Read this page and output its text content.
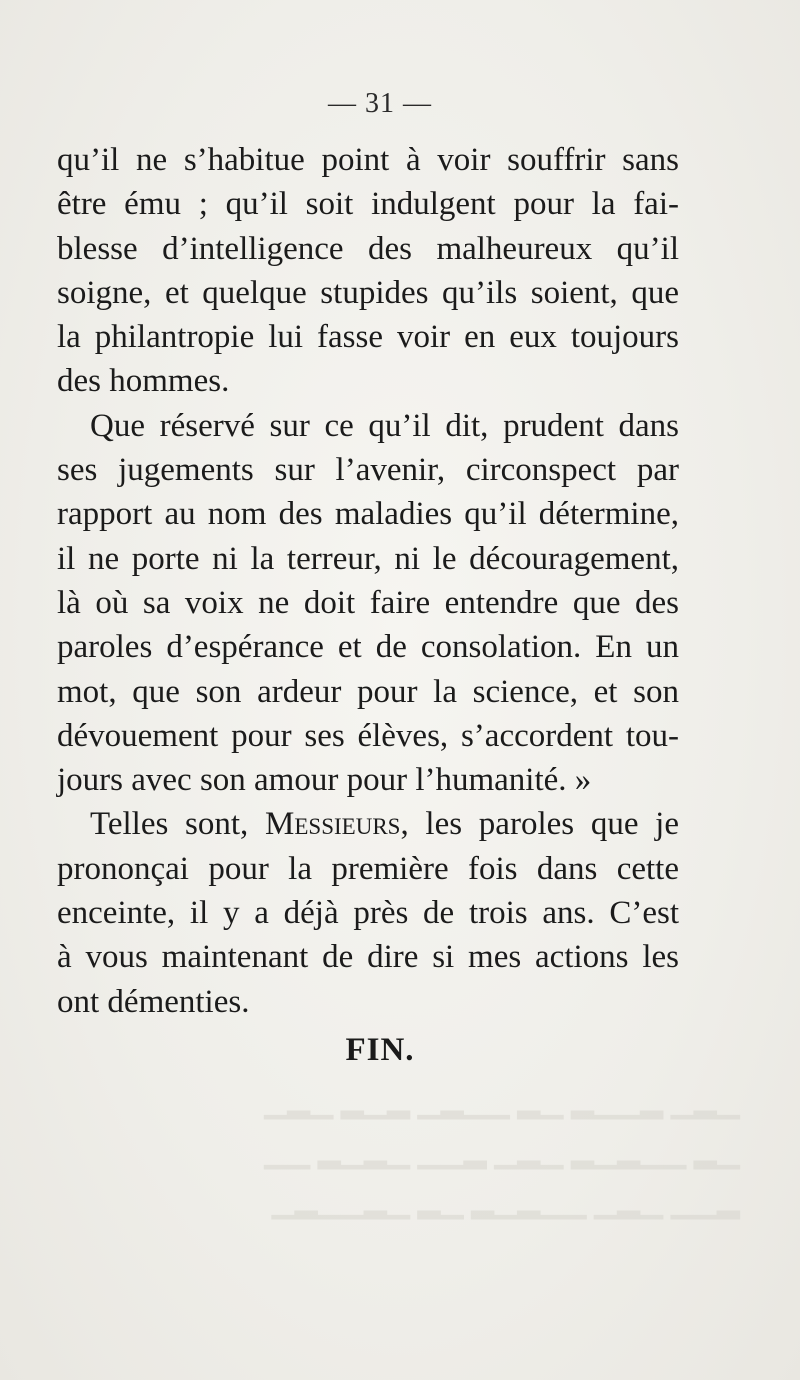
▁▂▁ ▂▁▁▂ ▁▂ ▁▁▂▁ ▂▁▂ ▁▂▁
▁▂ ▁▁▂▁▂ ▁▂▁ ▂▁▁ ▁▂▁▂ ▁▁
▂▁▁ ▁▂▁ ▁▁▂▁▂ ▁▂ ▁▂▁▁▂▁
— 31 —
qu’il ne s’habitue point à voir souffrir sans
être ému ; qu’il soit indulgent pour la fai-
blesse d’intelligence des malheureux qu’il
soigne, et quelque stupides qu’ils soient, que
la philantropie lui fasse voir en eux toujours
des hommes.
Que réservé sur ce qu’il dit, prudent dans
ses jugements sur l’avenir, circonspect par
rapport au nom des maladies qu’il détermine,
il ne porte ni la terreur, ni le découragement,
là où sa voix ne doit faire entendre que des
paroles d’espérance et de consolation. En un
mot, que son ardeur pour la science, et son
dévouement pour ses élèves, s’accordent tou-
jours avec son amour pour l’humanité. »
Telles sont, Messieurs, les paroles que je
prononçai pour la première fois dans cette
enceinte, il y a déjà près de trois ans. C’est
à vous maintenant de dire si mes actions les
ont démenties.
FIN.
